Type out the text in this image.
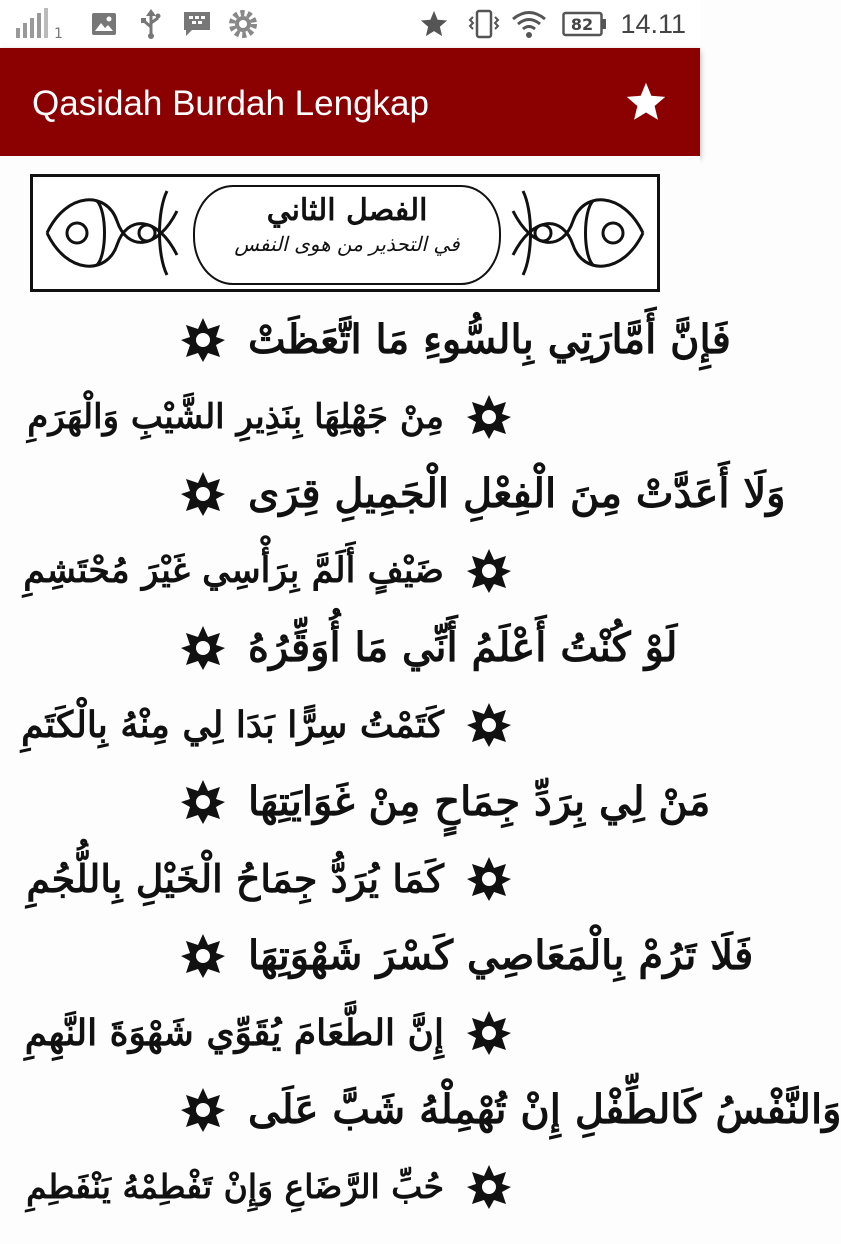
1
82 14.11
Qasidah Burdah Lengkap
الفصل الثاني
في التحذير من هوى النفس
فَإِنَّ أَمَّارَتِي بِالسُّوءِ مَا اتَّعَظَتْ
مِنْ جَهْلِهَا بِنَذِيرِ الشَّيْبِ وَالْهَرَمِ
وَلَا أَعَدَّتْ مِنَ الْفِعْلِ الْجَمِيلِ قِرَى
ضَيْفٍ أَلَمَّ بِرَأْسِي غَيْرَ مُحْتَشِمِ
لَوْ كُنْتُ أَعْلَمُ أَنِّي مَا أُوَقِّرُهُ
كَتَمْتُ سِرًّا بَدَا لِي مِنْهُ بِالْكَتَمِ
مَنْ لِي بِرَدِّ جِمَاحٍ مِنْ غَوَايَتِهَا
كَمَا يُرَدُّ جِمَاحُ الْخَيْلِ بِاللُّجُمِ
فَلَا تَرُمْ بِالْمَعَاصِي كَسْرَ شَهْوَتِهَا
إِنَّ الطَّعَامَ يُقَوِّي شَهْوَةَ النَّهِمِ
وَالنَّفْسُ كَالطِّفْلِ إِنْ تُهْمِلْهُ شَبَّ عَلَى
حُبِّ الرَّضَاعِ وَإِنْ تَفْطِمْهُ يَنْفَطِمِ
